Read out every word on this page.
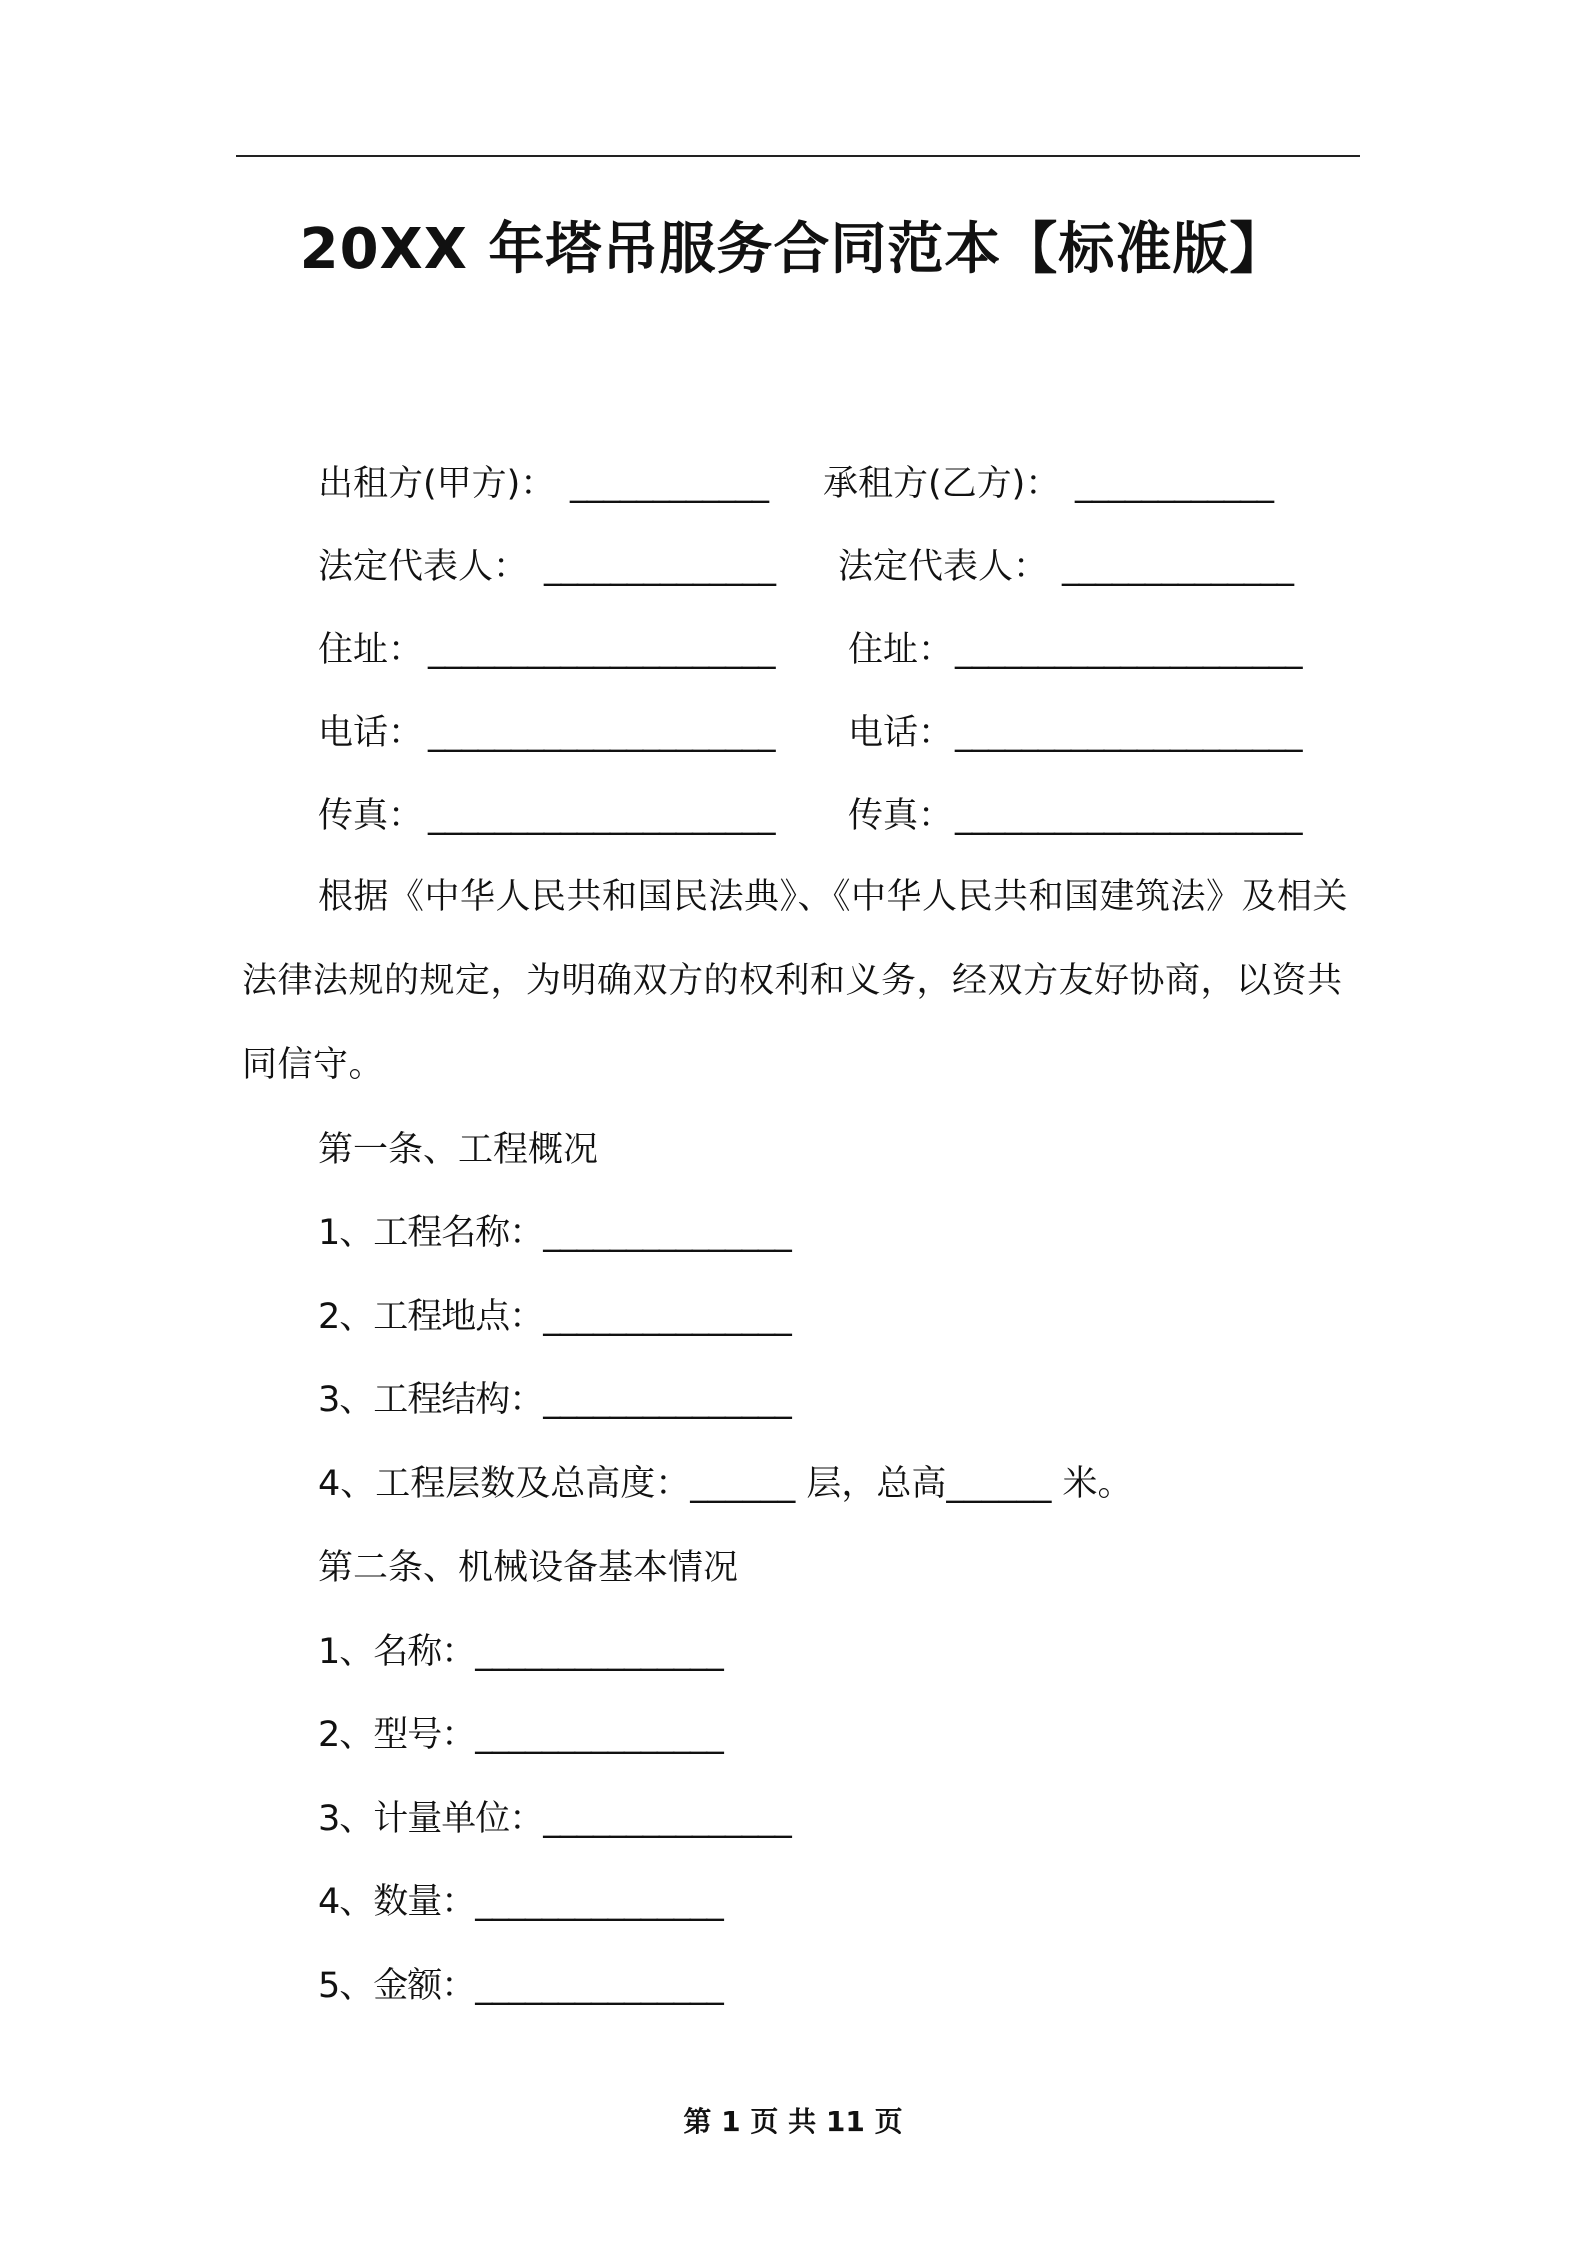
20XX 年塔吊服务合同范本【标准版】
出租方(甲方)： ____________ 承租方(乙方)： ____________
法定代表人： ______________ 法定代表人： ______________
住址： _____________________ 住址： _____________________
电话： _____________________ 电话： _____________________
传真： _____________________ 传真： _____________________
根据《中华人民共和国民法典》、《中华人民共和国建筑法》及相关法律法规的规定，为明确双方的权利和义务，经双方友好协商，以资共同信守。
第一条、工程概况
1、工程名称：_______________
2、工程地点：_______________
3、工程结构：_______________
4、工程层数及总高度：______ 层，总高______ 米。
第二条、机械设备基本情况
1、名称：_______________
2、型号：_______________
3、计量单位：_______________
4、数量：_______________
5、金额：_______________
第 1 页 共 11 页
